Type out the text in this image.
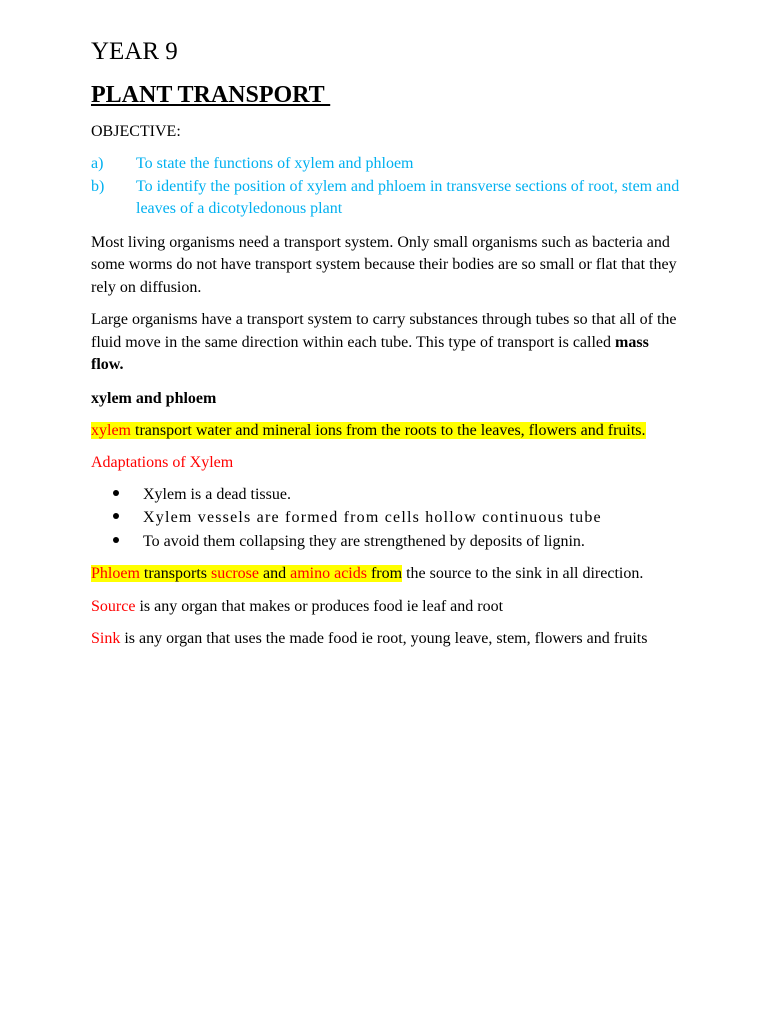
YEAR 9
PLANT TRANSPORT
OBJECTIVE:
a)	To state the functions of xylem and phloem
b)	To identify the position of xylem and phloem in transverse sections of root, stem and leaves of a dicotyledonous plant

Most living organisms need a transport system. Only small organisms such as bacteria and some worms do not have transport system because their bodies are so small or flat that they rely on diffusion.

Large organisms have a transport system to carry substances through tubes so that all of the fluid move in the same direction within each tube. This type of transport is called mass flow.

xylem and phloem

xylem transport water and mineral ions from the roots to the leaves, flowers and fruits.

Adaptations of Xylem

Xylem is a dead tissue.
Xylem vessels are formed from cells hollow continuous tube
To avoid them collapsing they are strengthened by deposits of lignin.

Phloem transports sucrose and amino acids from the source to the sink in all direction.

Source is any organ that makes or produces food ie leaf and root

Sink is any organ that uses the made food ie root, young leave, stem, flowers and fruits
